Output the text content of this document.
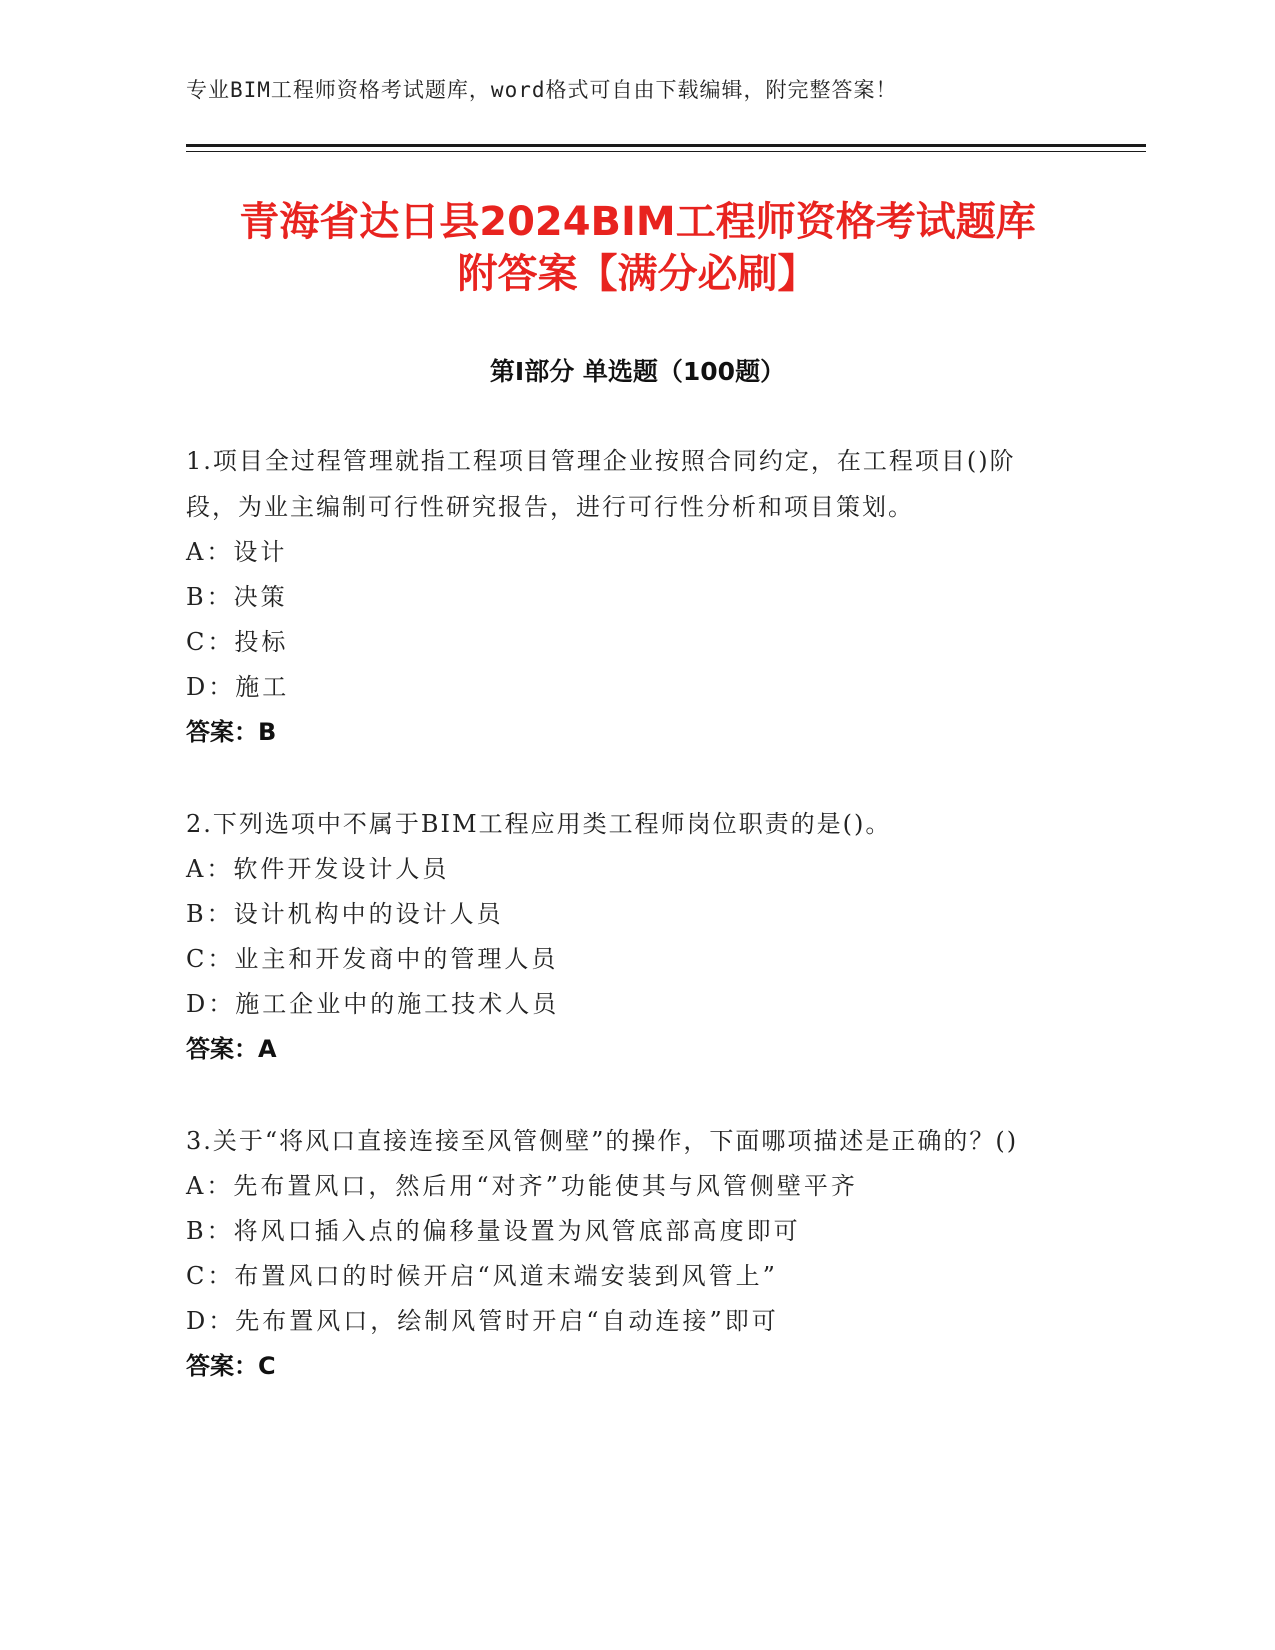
专业BIM工程师资格考试题库，word格式可自由下载编辑，附完整答案！
青海省达日县2024BIM工程师资格考试题库
附答案【满分必刷】
第I部分 单选题（100题）
1.项目全过程管理就指工程项目管理企业按照合同约定，在工程项目()阶段，为业主编制可行性研究报告，进行可行性分析和项目策划。
A：设计
B：决策
C：投标
D：施工
答案：B
2.下列选项中不属于BIM工程应用类工程师岗位职责的是()。
A：软件开发设计人员
B：设计机构中的设计人员
C：业主和开发商中的管理人员
D：施工企业中的施工技术人员
答案：A
3.关于“将风口直接连接至风管侧壁”的操作，下面哪项描述是正确的？()
A：先布置风口，然后用“对齐”功能使其与风管侧壁平齐
B：将风口插入点的偏移量设置为风管底部高度即可
C：布置风口的时候开启“风道末端安装到风管上”
D：先布置风口，绘制风管时开启“自动连接”即可
答案：C
